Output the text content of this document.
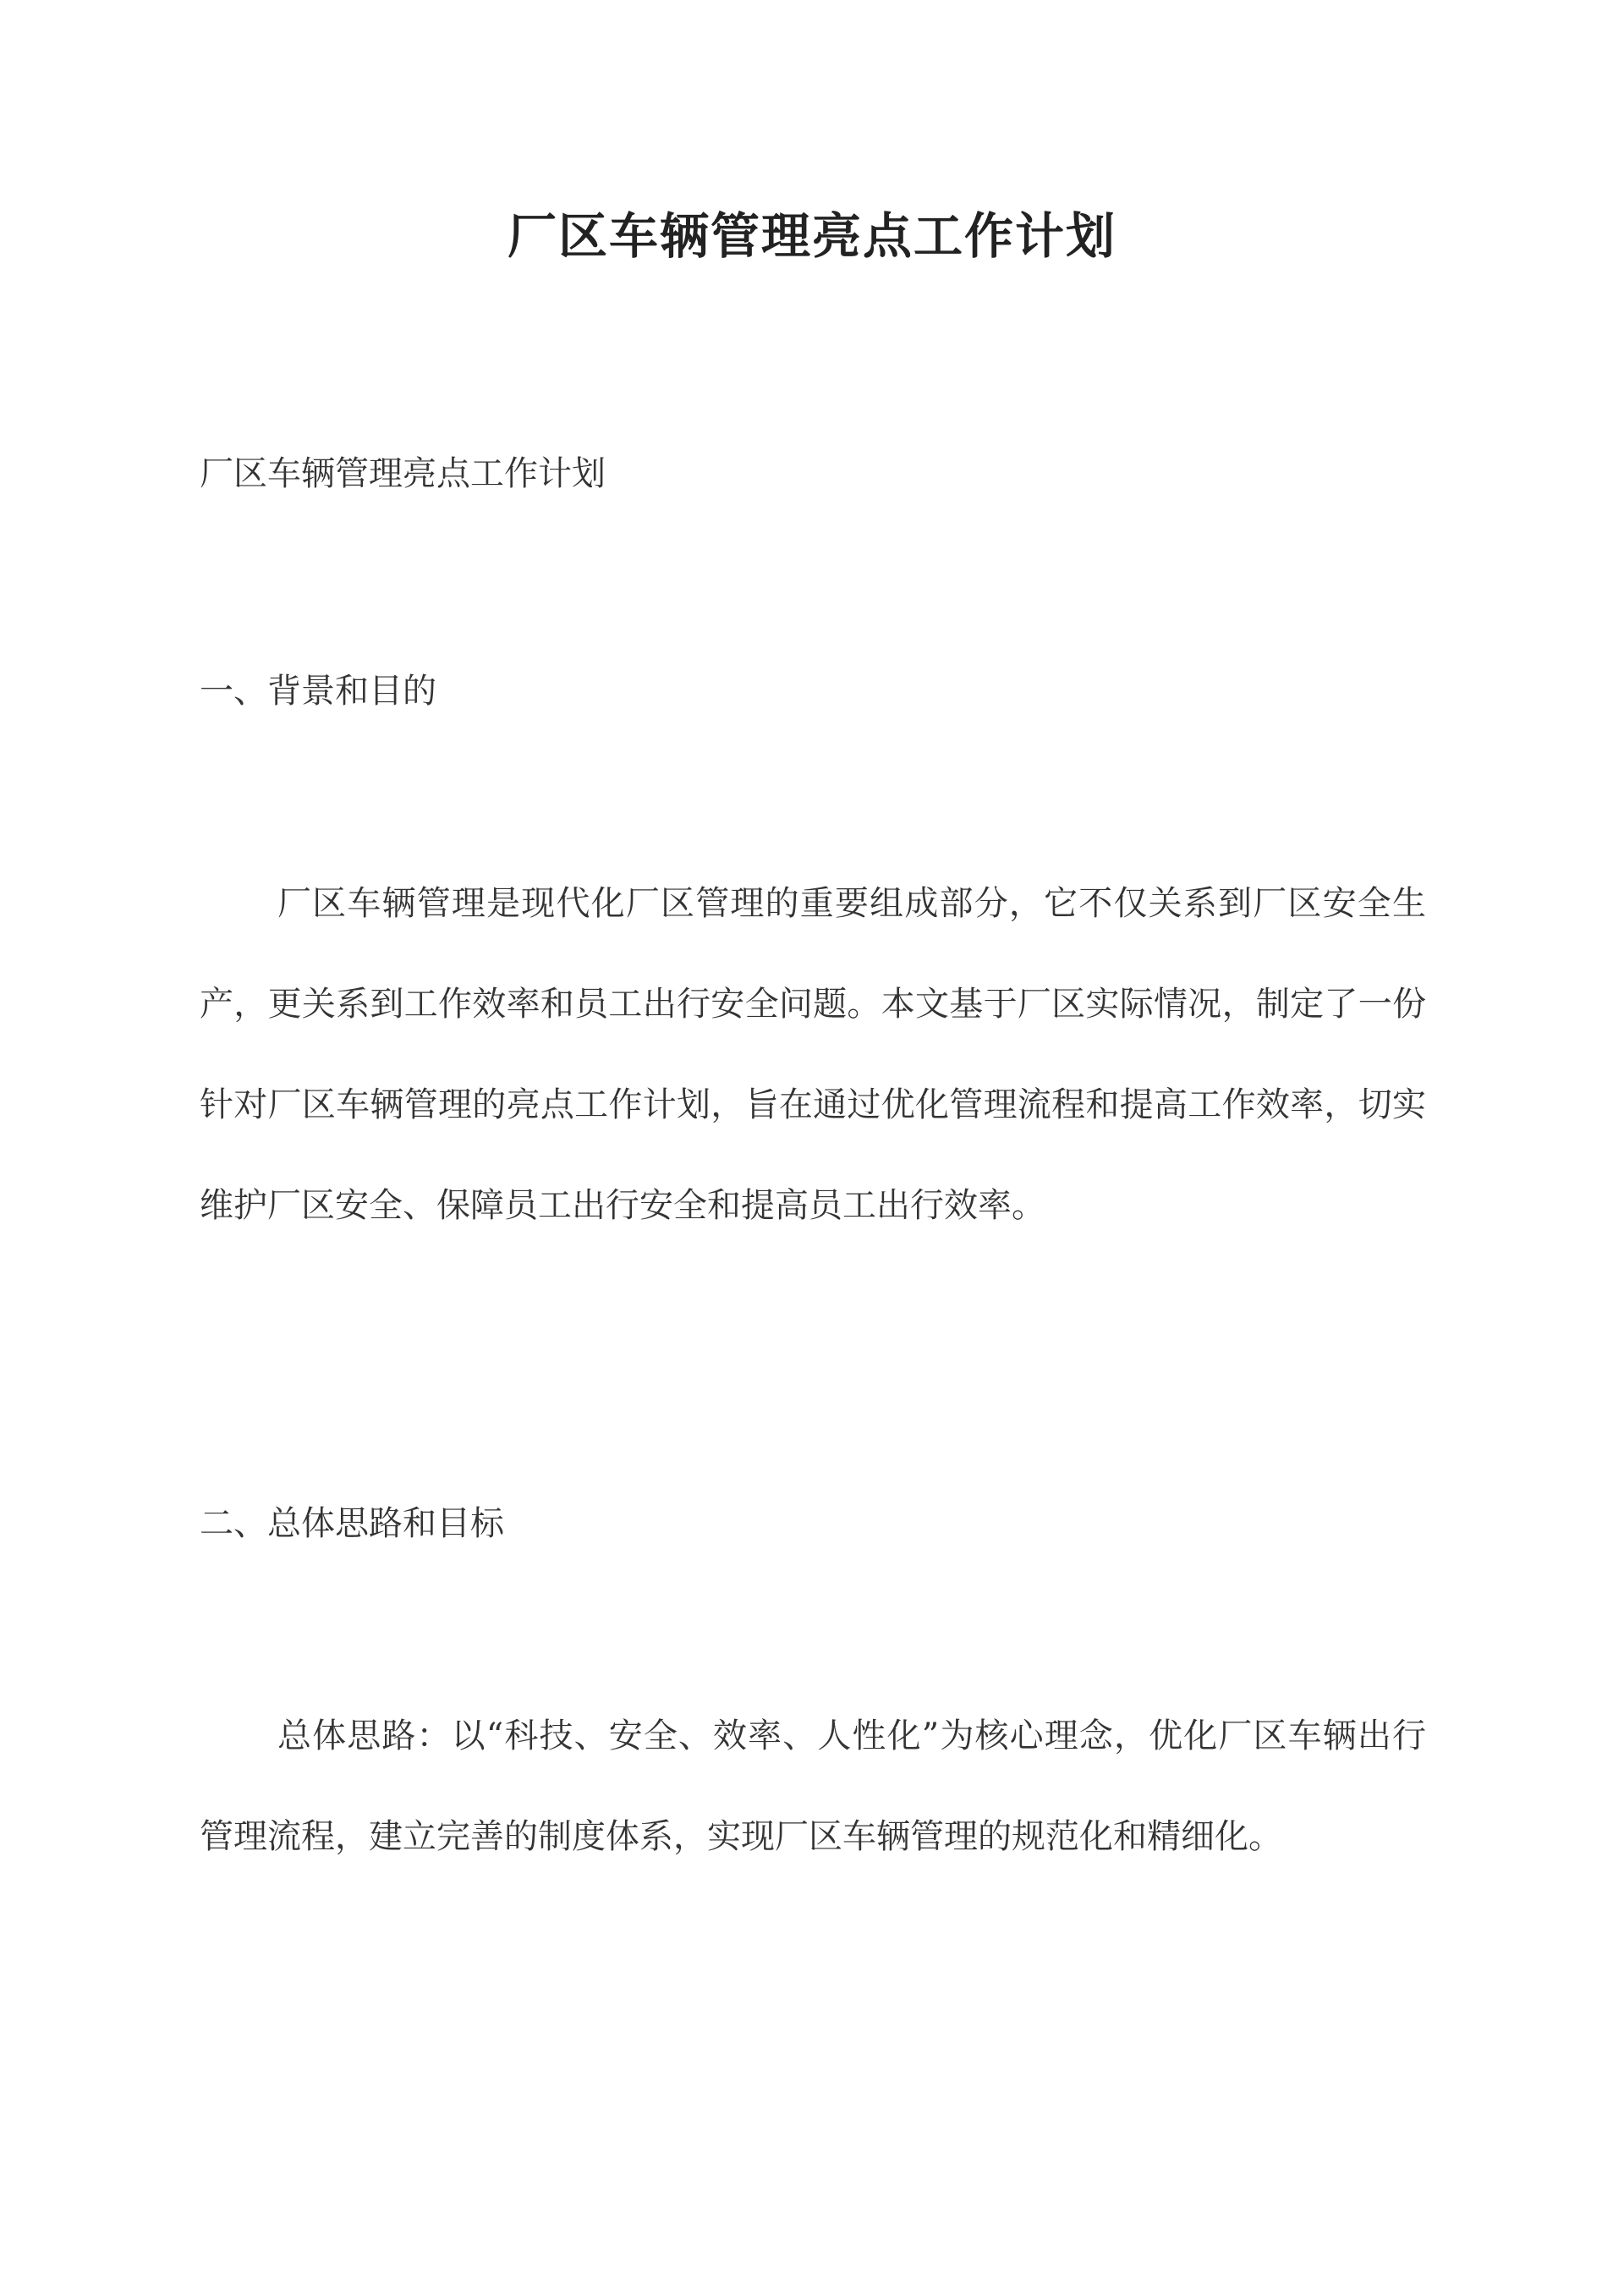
厂区车辆管理亮点工作计划

厂区车辆管理亮点工作计划

一、背景和目的

厂区车辆管理是现代化厂区管理的重要组成部分，它不仅关系到厂区安全生产，更关系到工作效率和员工出行安全问题。本文基于厂区实际情况，制定了一份针对厂区车辆管理的亮点工作计划，旨在通过优化管理流程和提高工作效率，切实维护厂区安全、保障员工出行安全和提高员工出行效率。

二、总体思路和目标

总体思路：以“科技、安全、效率、人性化”为核心理念，优化厂区车辆出行管理流程，建立完善的制度体系，实现厂区车辆管理的规范化和精细化。
